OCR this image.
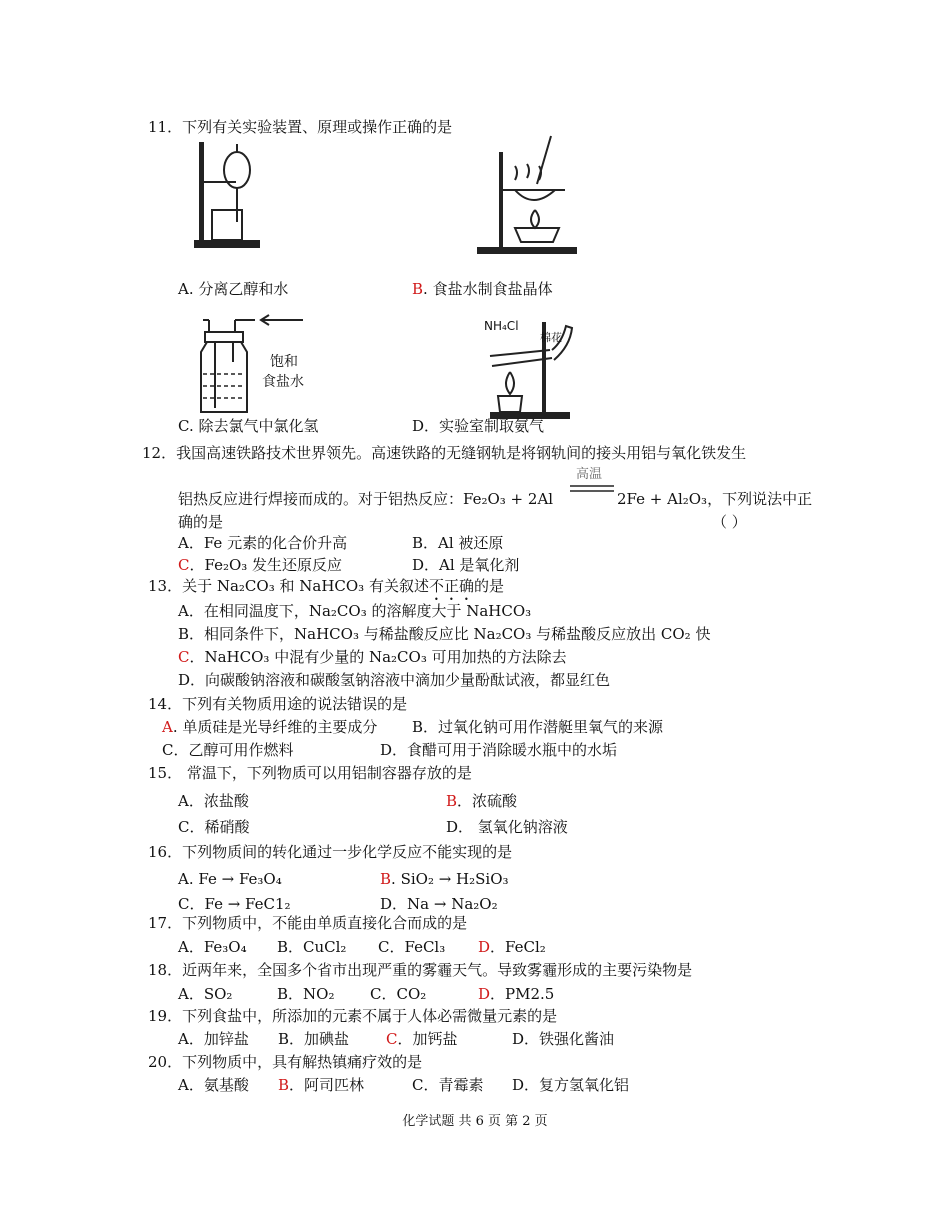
11．下列有关实验装置、原理或操作正确的是
A. 分离乙醇和水	B. 食盐水制食盐晶体
饱和
食盐水
NH₄Cl
棉花
C. 除去氯气中氯化氢	D．实验室制取氨气
12．我国高速铁路技术世界领先。高速铁路的无缝钢轨是将钢轨间的接头用铝与氧化铁发生
高温
铝热反应进行焊接而成的。对于铝热反应：Fe₂O₃ + 2Al	2Fe + Al₂O₃，下列说法中正
确的是	（ ）
A．Fe 元素的化合价升高	B．Al 被还原
C．Fe₂O₃ 发生还原反应	D．Al 是氧化剂
13．关于 Na₂CO₃ 和 NaHCO₃ 有关叙述不正确的是
A．在相同温度下，Na₂CO₃ 的溶解度大于 NaHCO₃
B．相同条件下，NaHCO₃ 与稀盐酸反应比 Na₂CO₃ 与稀盐酸反应放出 CO₂ 快
C．NaHCO₃ 中混有少量的 Na₂CO₃ 可用加热的方法除去
D．向碳酸钠溶液和碳酸氢钠溶液中滴加少量酚酞试液，都显红色
14．下列有关物质用途的说法错误的是
A. 单质硅是光导纤维的主要成分 B．过氧化钠可用作潜艇里氧气的来源
C．乙醇可用作燃料	D．食醋可用于消除暖水瓶中的水垢
15． 常温下，下列物质可以用铝制容器存放的是
A．浓盐酸	B．浓硫酸
C．稀硝酸	D． 氢氧化钠溶液
16．下列物质间的转化通过一步化学反应不能实现的是
A. Fe → Fe₃O₄	B. SiO₂ → H₂SiO₃
C．Fe → FeC1₂	D．Na → Na₂O₂
17．下列物质中，不能由单质直接化合而成的是
A．Fe₃O₄ B．CuCl₂ C．FeCl₃ D．FeCl₂
18．近两年来，全国多个省市出现严重的雾霾天气。导致雾霾形成的主要污染物是
A．SO₂	B．NO₂ C．CO₂	D．PM2.5
19．下列食盐中，所添加的元素不属于人体必需微量元素的是
A．加锌盐 B．加碘盐 C．加钙盐	D．铁强化酱油
20．下列物质中，具有解热镇痛疗效的是
A．氨基酸 B．阿司匹林	C．青霉素 D．复方氢氧化铝
化学试题 共 6 页 第 2 页
